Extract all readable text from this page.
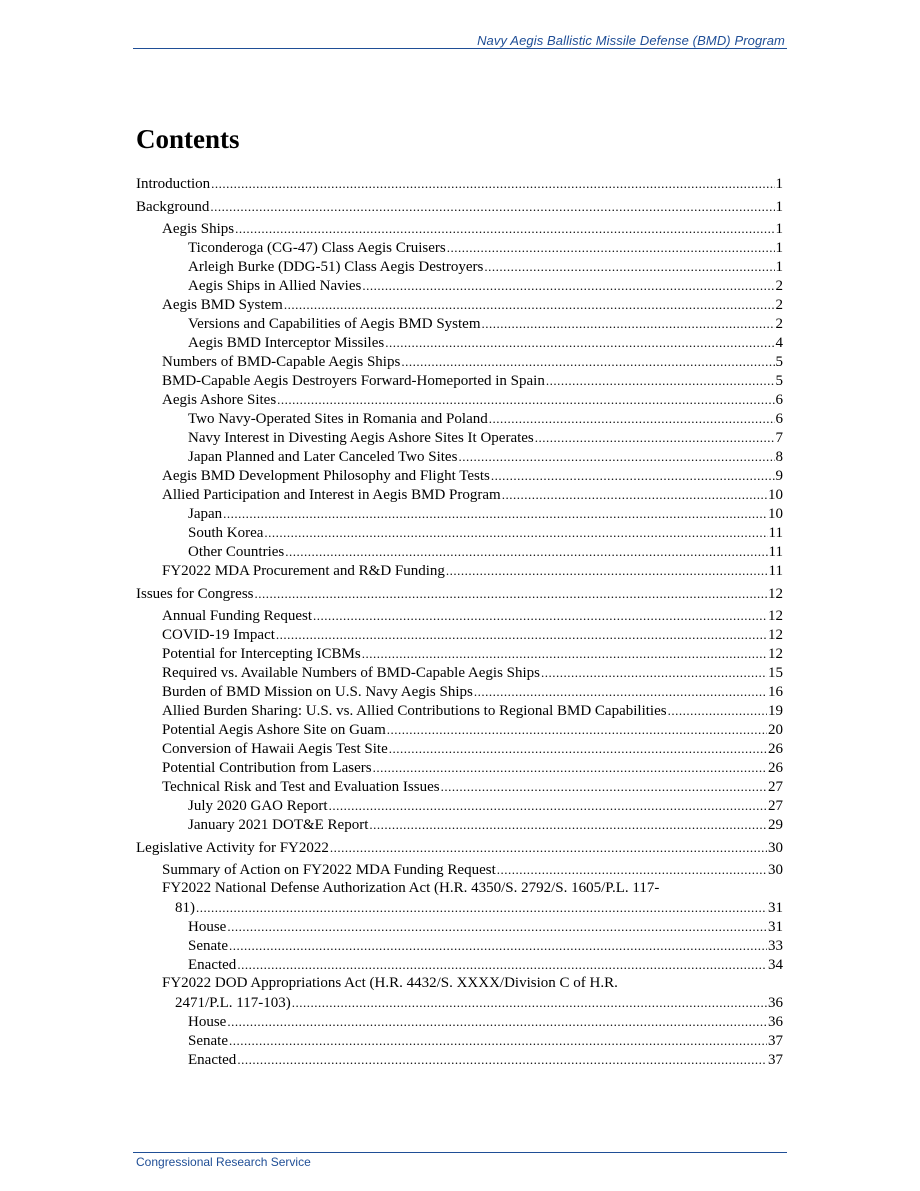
Navy Aegis Ballistic Missile Defense (BMD) Program
Contents
Introduction .....	1
Background .....	1
Aegis Ships .....	1
Ticonderoga (CG-47) Class Aegis Cruisers .....	1
Arleigh Burke (DDG-51) Class Aegis Destroyers .....	1
Aegis Ships in Allied Navies .....	2
Aegis BMD System .....	2
Versions and Capabilities of Aegis BMD System .....	2
Aegis BMD Interceptor Missiles .....	4
Numbers of BMD-Capable Aegis Ships .....	5
BMD-Capable Aegis Destroyers Forward-Homeported in Spain .....	5
Aegis Ashore Sites .....	6
Two Navy-Operated Sites in Romania and Poland .....	6
Navy Interest in Divesting Aegis Ashore Sites It Operates .....	7
Japan Planned and Later Canceled Two Sites .....	8
Aegis BMD Development Philosophy and Flight Tests .....	9
Allied Participation and Interest in Aegis BMD Program .....	10
Japan .....	10
South Korea .....	11
Other Countries .....	11
FY2022 MDA Procurement and R&D Funding .....	11
Issues for Congress .....	12
Annual Funding Request .....	12
COVID-19 Impact .....	12
Potential for Intercepting ICBMs .....	12
Required vs. Available Numbers of BMD-Capable Aegis Ships .....	15
Burden of BMD Mission on U.S. Navy Aegis Ships .....	16
Allied Burden Sharing: U.S. vs. Allied Contributions to Regional BMD Capabilities .....	19
Potential Aegis Ashore Site on Guam .....	20
Conversion of Hawaii Aegis Test Site .....	26
Potential Contribution from Lasers .....	26
Technical Risk and Test and Evaluation Issues .....	27
July 2020 GAO Report .....	27
January 2021 DOT&E Report .....	29
Legislative Activity for FY2022 .....	30
Summary of Action on FY2022 MDA Funding Request .....	30
FY2022 National Defense Authorization Act (H.R. 4350/S. 2792/S. 1605/P.L. 117-
81) .....	31
House .....	31
Senate .....	33
Enacted .....	34
FY2022 DOD Appropriations Act (H.R. 4432/S. XXXX/Division C of H.R.
2471/P.L. 117-103) .....	36
House .....	36
Senate .....	37
Enacted .....	37
Congressional Research Service
